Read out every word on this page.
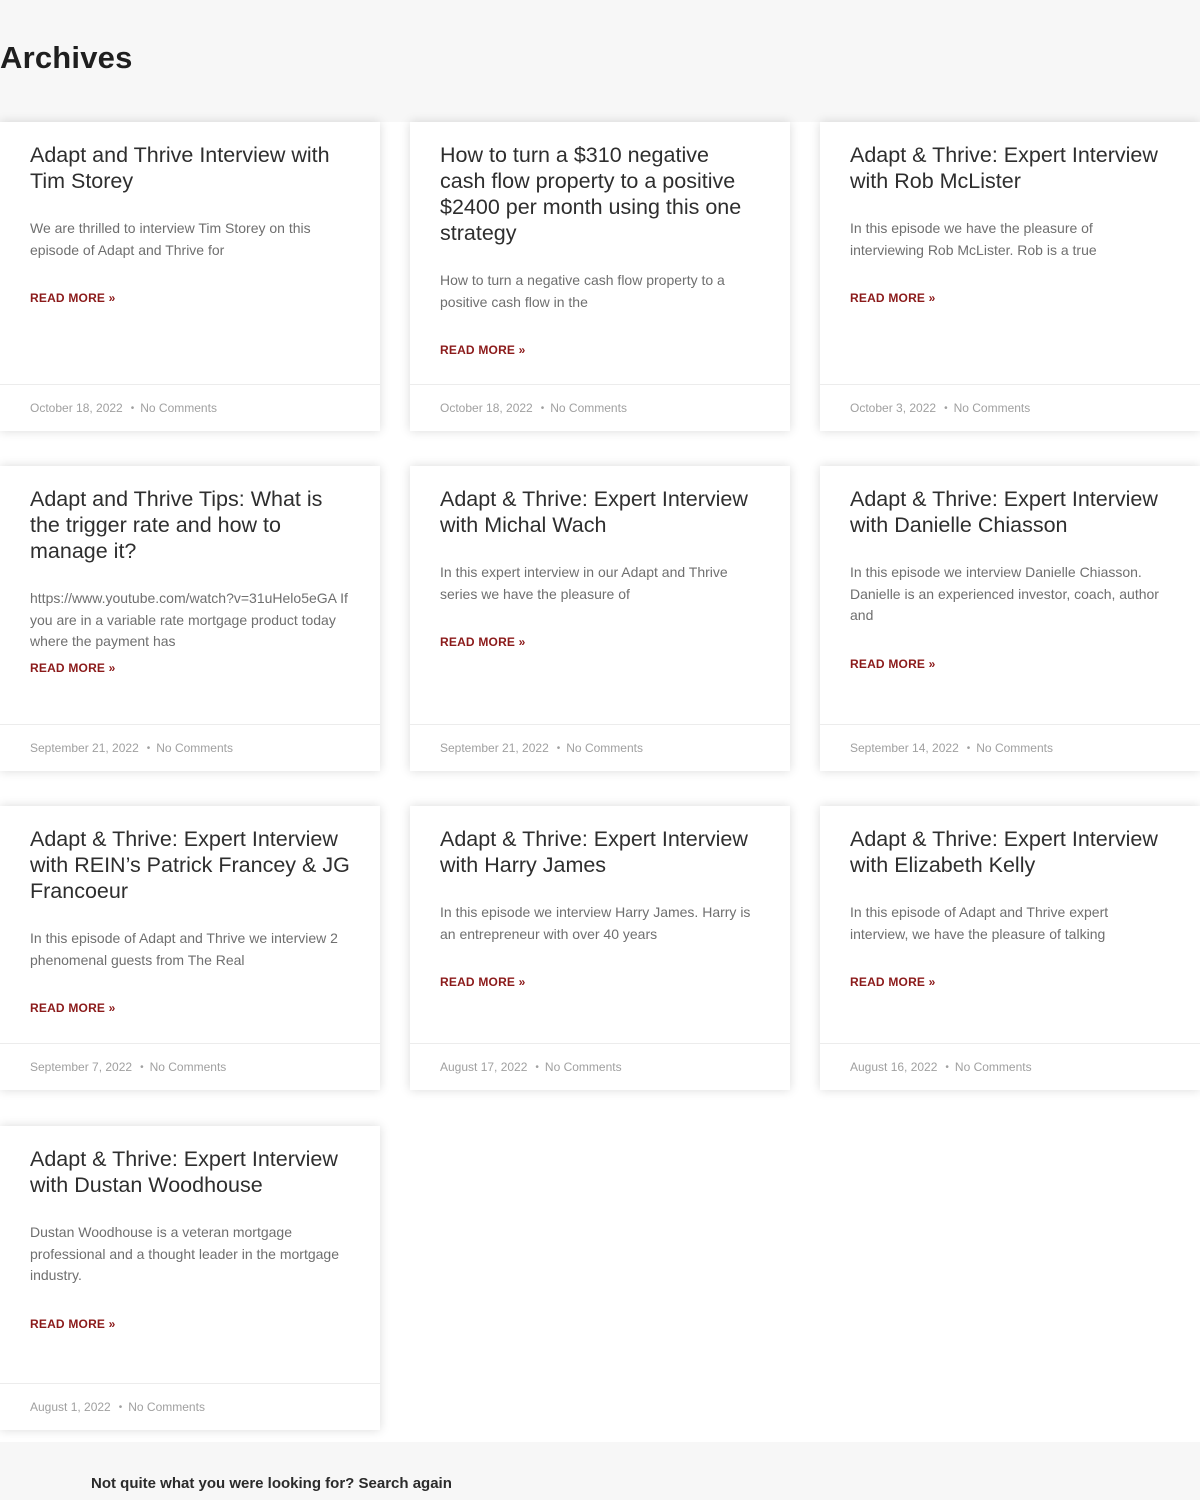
Archives
Adapt and Thrive Interview with Tim Storey

We are thrilled to interview Tim Storey on this episode of Adapt and Thrive for

READ MORE »
October 18, 2022 • No Comments
How to turn a $310 negative cash flow property to a positive $2400 per month using this one strategy

How to turn a negative cash flow property to a positive cash flow in the

READ MORE »
October 18, 2022 • No Comments
Adapt & Thrive: Expert Interview with Rob McLister

In this episode we have the pleasure of interviewing Rob McLister. Rob is a true

READ MORE »
October 3, 2022 • No Comments
Adapt and Thrive Tips: What is the trigger rate and how to manage it?

https://www.youtube.com/watch?v=31uHelo5eGA If you are in a variable rate mortgage product today where the payment has

READ MORE »
September 21, 2022 • No Comments
Adapt & Thrive: Expert Interview with Michal Wach

In this expert interview in our Adapt and Thrive series we have the pleasure of

READ MORE »
September 21, 2022 • No Comments
Adapt & Thrive: Expert Interview with Danielle Chiasson

In this episode we interview Danielle Chiasson. Danielle is an experienced investor, coach, author and

READ MORE »
September 14, 2022 • No Comments
Adapt & Thrive: Expert Interview with REIN’s Patrick Francey & JG Francoeur

In this episode of Adapt and Thrive we interview 2 phenomenal guests from The Real

READ MORE »
September 7, 2022 • No Comments
Adapt & Thrive: Expert Interview with Harry James

In this episode we interview Harry James. Harry is an entrepreneur with over 40 years

READ MORE »
August 17, 2022 • No Comments
Adapt & Thrive: Expert Interview with Elizabeth Kelly

In this episode of Adapt and Thrive expert interview, we have the pleasure of talking

READ MORE »
August 16, 2022 • No Comments
Adapt & Thrive: Expert Interview with Dustan Woodhouse

Dustan Woodhouse is a veteran mortgage professional and a thought leader in the mortgage industry.

READ MORE »
August 1, 2022 • No Comments

Not quite what you were looking for? Search again
